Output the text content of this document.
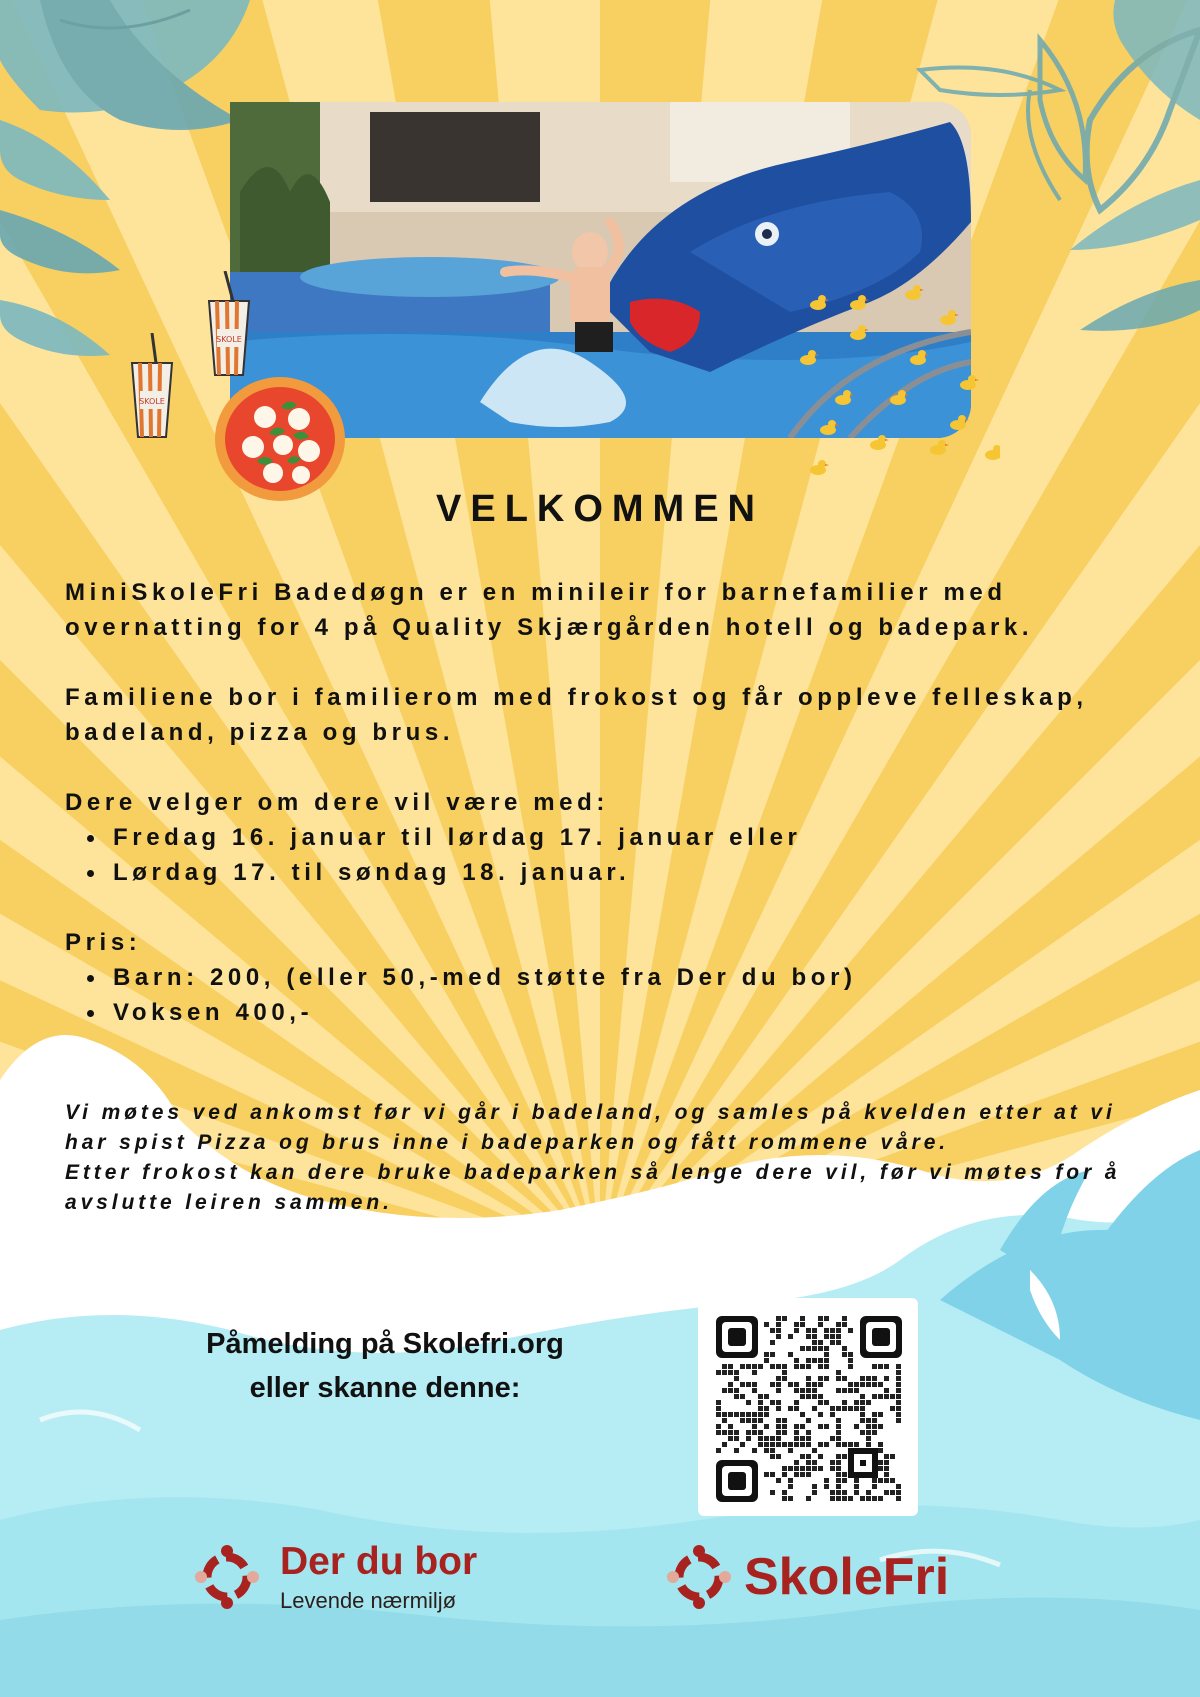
SKOLE
SKOLE
VELKOMMEN

MiniSkoleFri Badedøgn er en minileir for barnefamilier med overnatting for 4 på Quality Skjærgården hotell og badepark.

Familiene bor i familierom med frokost og får oppleve felleskap, badeland, pizza og brus.

Dere velger om dere vil være med:

Fredag 16. januar til lørdag 17. januar eller
Lørdag 17. til søndag 18. januar.

Pris:

Barn: 200, (eller 50,-med støtte fra Der du bor)
Voksen 400,-

Vi møtes ved ankomst før vi går i badeland, og samles på kvelden etter at vi har spist Pizza og brus inne i badeparken og fått rommene våre.

Etter frokost kan dere bruke badeparken så lenge dere vil, før vi møtes for å avslutte leiren sammen.

Påmelding på Skolefri.org
eller skanne denne:
Der du bor
Levende nærmiljø	SkoleFri
